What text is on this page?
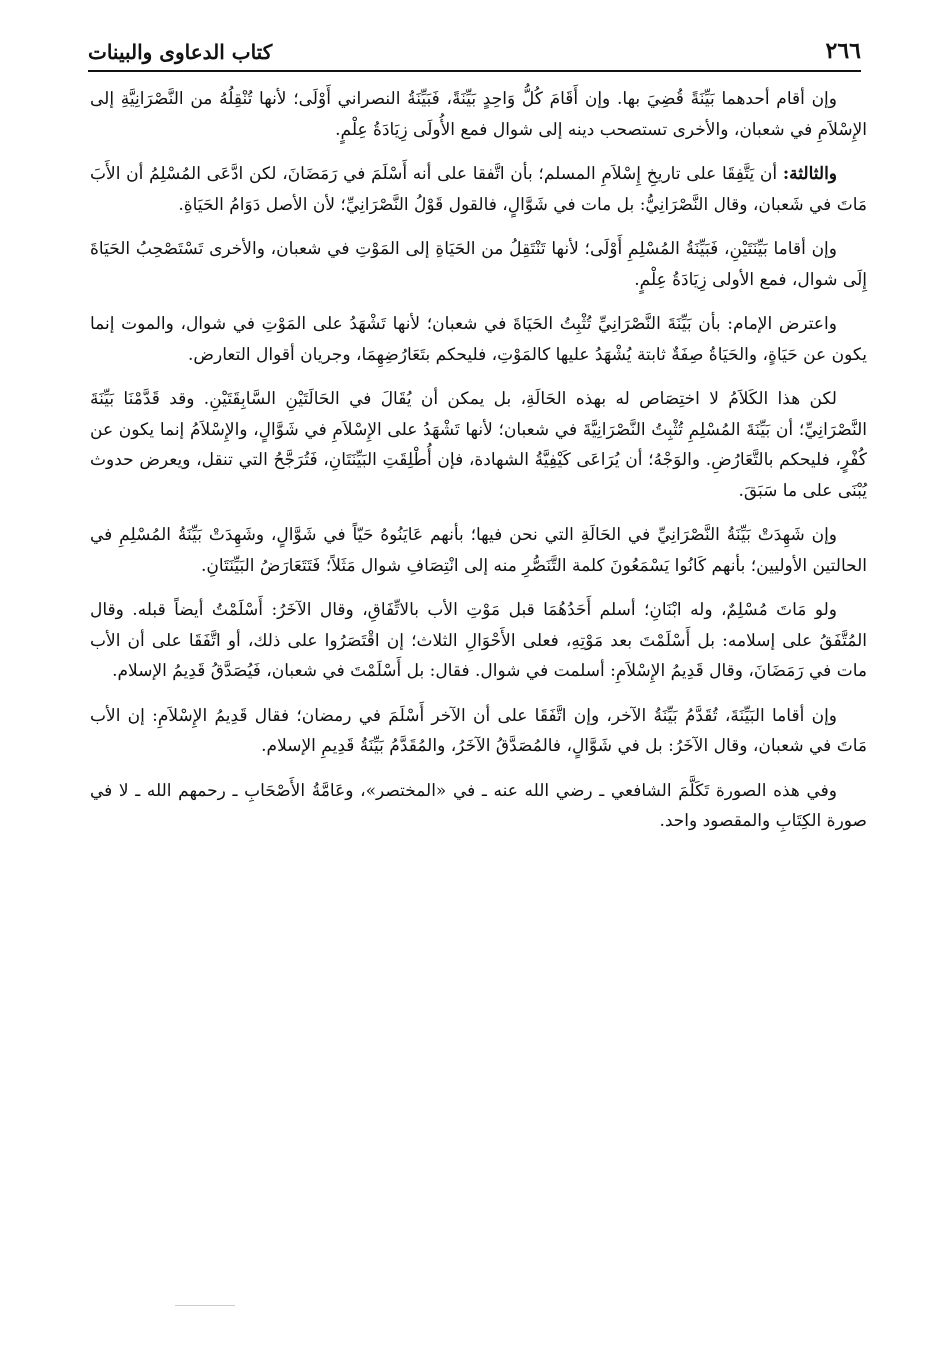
٢٦٦
كتاب الدعاوى والبينات

وإن أقام أحدهما بَيِّنَةً قُضِيَ بها. وإن أَقَامَ كُلُّ وَاحِدٍ بَيِّنَةً، فَبَيِّنَةُ النصراني أَوْلَى؛ لأنها تُنْقِلُهُ من النَّصْرَانِيَّةِ إلى الإِسْلاَمِ في شعبان، والأخرى تستصحب دينه إلى شوال فمع الأُولَى زِيَادَةُ عِلْمٍ.

والثالثة: أن يَتَّفِقَا على تاريخِ إِسْلاَمِ المسلم؛ بأن اتَّفقا على أنه أَسْلَمَ في رَمَضَانَ، لكن ادَّعَى المُسْلِمُ أن الأَبَ مَاتَ في شَعبان، وقال النَّصْرَانِيُّ: بل مات في شَوَّالٍ، فالقول قَوْلُ النَّصْرَانِيِّ؛ لأن الأصل دَوَامُ الحَيَاةِ.

وإن أقاما بَيِّنَتَيْنِ، فَبَيِّنَةُ المُسْلِمِ أَوْلَى؛ لأنها تَنْتَقِلُ من الحَيَاةِ إلى المَوْتِ في شعبان، والأخرى تَسْتَصْحِبُ الحَيَاةَ إِلَى شوال، فمع الأولى زِيَادَةُ عِلْمٍ.

واعترض الإمام: بأن بَيِّنَةَ النَّصْرَانِيِّ تُثْبِتُ الحَيَاةَ في شعبان؛ لأنها تَشْهَدُ على المَوْتِ في شوال، والموت إنما يكون عن حَيَاةٍ، والحَيَاةُ صِفَةٌ ثابتة يُشْهَدُ عليها كالمَوْتِ، فليحكم بتَعَارُضِهِمَا، وجريان أقوال التعارض.

لكن هذا الكَلاَمُ لا اختِصَاص له بهذه الحَالَةِ، بل يمكن أن يُقَالَ في الحَالَتَيْنِ السَّابِقَتَيْنِ. وقد قَدَّمْنَا بَيِّنَةَ النَّصْرَانِيِّ؛ أن بَيِّنَةَ المُسْلِمِ تُثْبِتُ النَّصْرَانِيَّةَ في شعبان؛ لأنها تَشْهَدُ على الإِسْلاَمِ في شَوَّالٍ، والإِسْلاَمُ إنما يكون عن كُفْرٍ، فليحكم بالتَّعَارُضِ. والوَجْهُ؛ أن يُرَاعَى كَيْفِيَّةُ الشهادة، فإن أُطْلِقَتِ البَيِّنَتَانِ، فَتُرَجَّحُ التي تنقل، ويعرض حدوث يُبْنَى على ما سَبَقَ.

وإن شَهِدَتْ بَيِّنَةُ النَّصْرَانِيِّ في الحَالَةِ التي نحن فيها؛ بأنهم عَايَنُوهُ حَيّاً في شَوَّالٍ، وشَهِدَتْ بَيِّنَةُ المُسْلِمِ في الحالتين الأوليين؛ بأنهم كَانُوا يَسْمَعُونَ كلمة التَّنَصُّرِ منه إلى انْتِصَافِ شوال مَثَلاً؛ فَتَتَعَارَضُ البَيِّنَتَانِ.

ولو مَاتَ مُسْلِمٌ، وله ابْنَانِ؛ أسلم أَحَدُهُمَا قبل مَوْتِ الأب بالاتِّفَاقِ، وقال الآخَرُ: أَسْلَمْتُ أيضاً قبله. وقال المُتَّفَقُ على إسلامه: بل أَسْلَمْتَ بعد مَوْتِهِ، فعلى الأَحْوَالِ الثلاث؛ إن اقْتَصَرُوا على ذلك، أو اتَّفَقَا على أن الأب مات في رَمَضَانَ، وقال قَدِيمُ الإِسْلاَمِ: أسلمت في شوال. فقال: بل أَسْلَمْتَ في شعبان، فَيُصَدَّقُ قَدِيمُ الإسلام.

وإن أقاما البَيِّنَةَ، تُقَدَّمُ بَيِّنَةُ الآخر، وإن اتَّفَقَا على أن الآخر أَسْلَمَ في رمضان؛ فقال قَدِيمُ الإِسْلاَمِ: إن الأب مَاتَ في شعبان، وقال الآخَرُ: بل في شَوَّالٍ، فالمُصَدَّقُ الآخَرُ، والمُقَدَّمُ بَيِّنَةُ قَدِيمِ الإسلام.

وفي هذه الصورة تَكَلَّمَ الشافعي ـ رضي الله عنه ـ في «المختصر»، وعَامَّةُ الأَصْحَابِ ـ رحمهم الله ـ لا في صورة الكِتَابِ والمقصود واحد.
